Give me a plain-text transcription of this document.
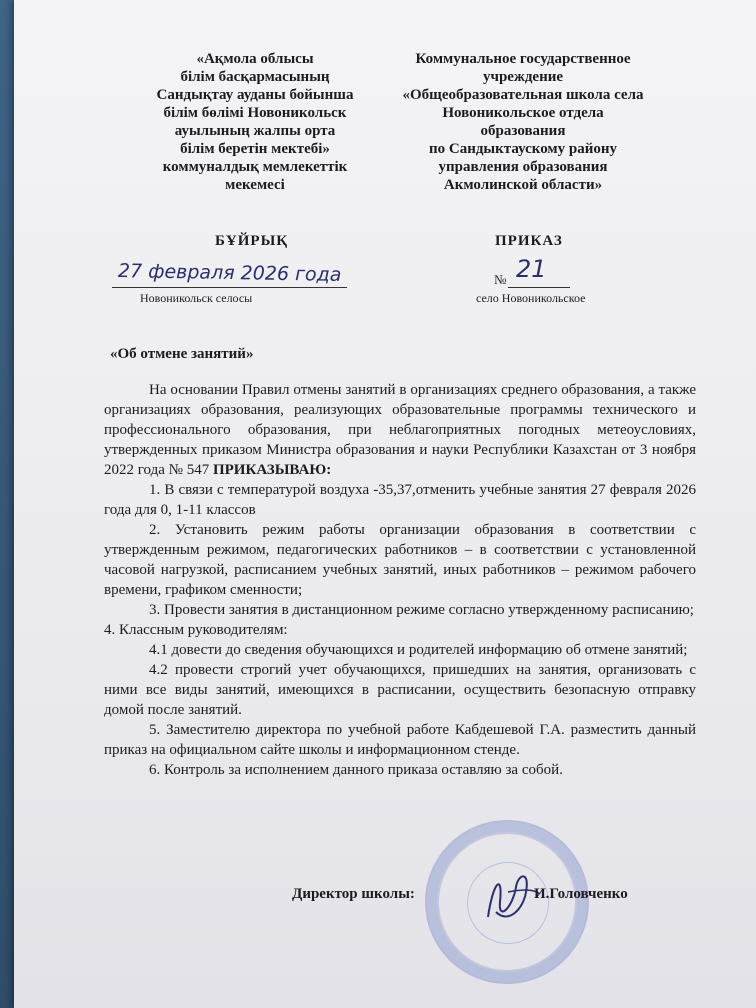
«Ақмола облысы
білім басқармасының
Сандықтау ауданы бойынша
білім бөлімі Новоникольск
ауылының жалпы орта
білім беретін мектебі»
коммуналдық мемлекеттік
мекемесі
Коммунальное государственное
учреждение
«Общеобразовательная школа села
Новоникольское отдела
образования
по Сандыктаускому району
управления образования
Акмолинской области»
БҰЙРЫҚ	ПРИКАЗ
27 февраля 2026 года	№ 21
Новоникольск селосы	село Новоникольское
«Об отмене занятий»

На основании Правил отмены занятий в организациях среднего образования, а также организациях образования, реализующих образовательные программы технического и профессионального образования, при неблагоприятных погодных метеоусловиях, утвержденных приказом Министра образования и науки Республики Казахстан от 3 ноября 2022 года № 547 ПРИКАЗЫВАЮ:

1. В связи с температурой воздуха -35,37,отменить учебные занятия 27 февраля 2026 года для 0, 1-11 классов

2. Установить режим работы организации образования в соответствии с утвержденным режимом, педагогических работников – в соответствии с установленной часовой нагрузкой, расписанием учебных занятий, иных работников – режимом рабочего времени, графиком сменности;

3. Провести занятия в дистанционном режиме согласно утвержденному расписанию;

4. Классным руководителям:

4.1 довести до сведения обучающихся и родителей информацию об отмене занятий;

4.2 провести строгий учет обучающихся, пришедших на занятия, организовать с ними все виды занятий, имеющихся в расписании, осуществить безопасную отправку домой после занятий.

5. Заместителю директора по учебной работе Кабдешевой Г.А. разместить данный приказ на официальном сайте школы и информационном стенде.

6. Контроль за исполнением данного приказа оставляю за собой.

Директор школы:	И.Головченко
